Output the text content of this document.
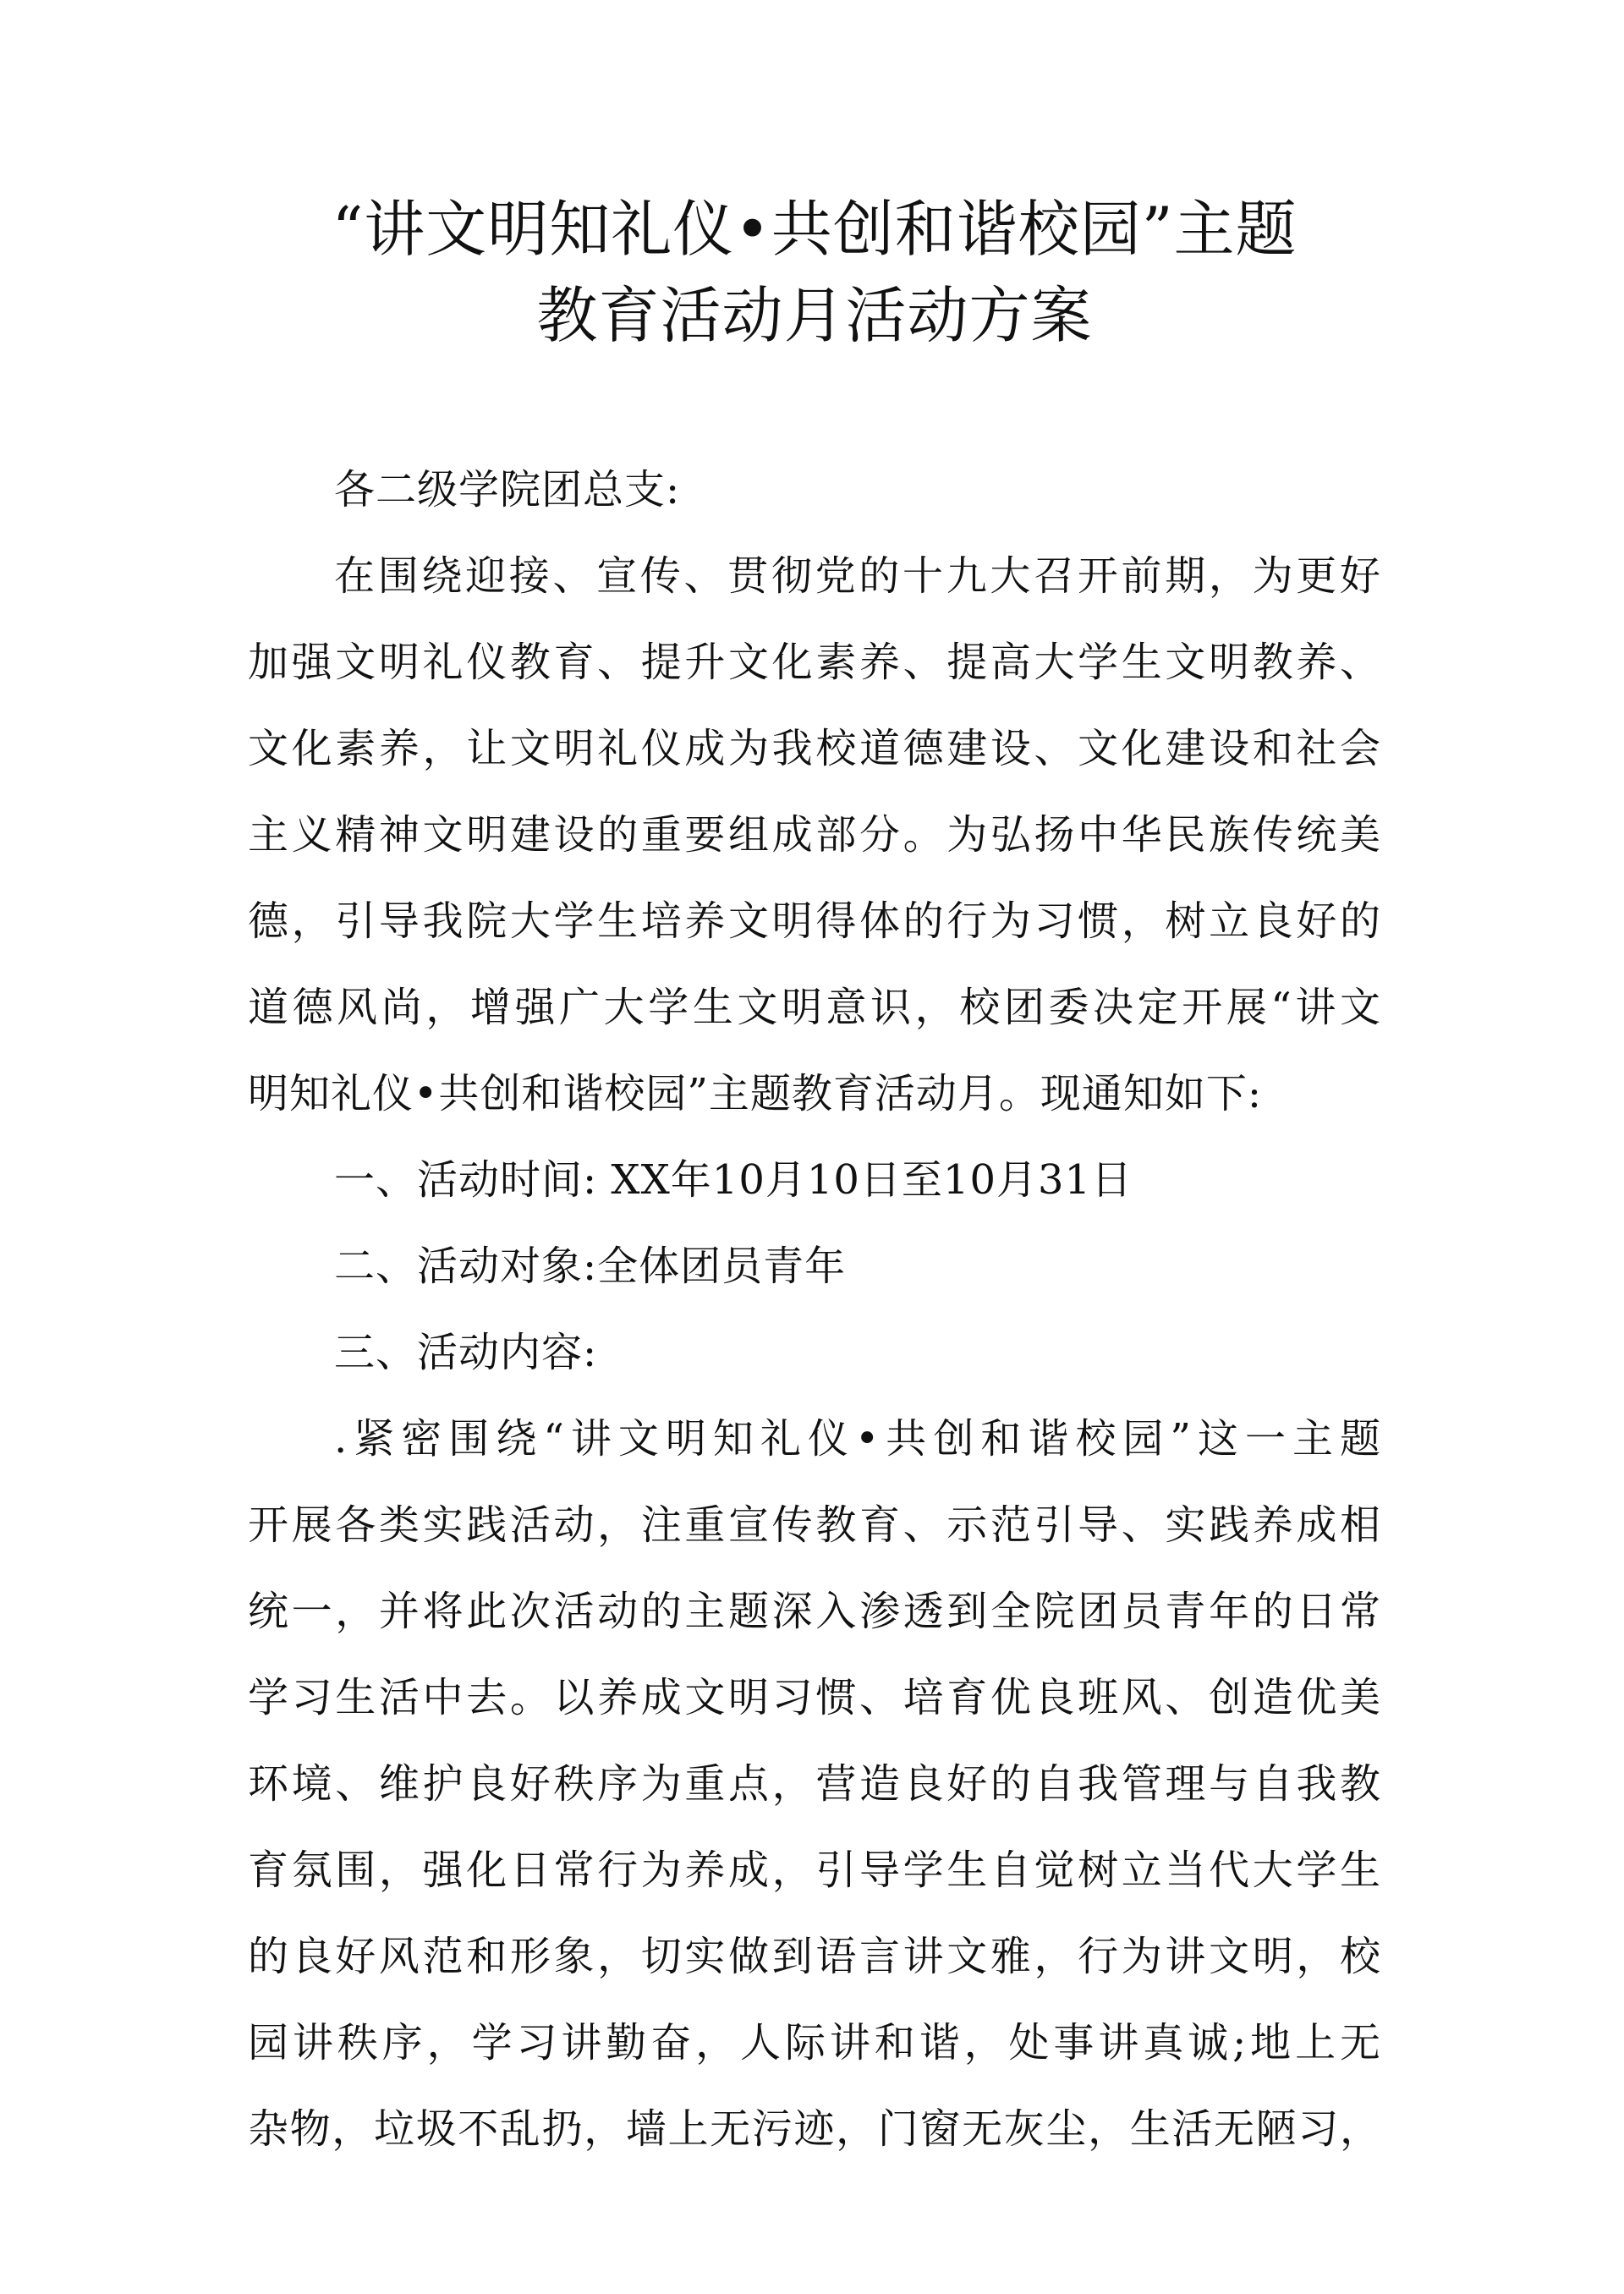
“讲文明知礼仪•共创和谐校园”主题
教育活动月活动方案
各二级学院团总支:
在围绕迎接、宣传、贯彻党的十九大召开前期，为更好
加强文明礼仪教育、提升文化素养、提高大学生文明教养、
文化素养，让文明礼仪成为我校道德建设、文化建设和社会
主义精神文明建设的重要组成部分。为弘扬中华民族传统美
德，引导我院大学生培养文明得体的行为习惯，树立良好的
道德风尚，增强广大学生文明意识，校团委决定开展“讲文
明知礼仪•共创和谐校园”主题教育活动月。现通知如下:
一、活动时间: XX年10月10日至10月31日
二、活动对象:全体团员青年
三、活动内容:
.紧密围绕“讲文明知礼仪•共创和谐校园”这一主题
开展各类实践活动，注重宣传教育、示范引导、实践养成相
统一，并将此次活动的主题深入渗透到全院团员青年的日常
学习生活中去。以养成文明习惯、培育优良班风、创造优美
环境、维护良好秩序为重点，营造良好的自我管理与自我教
育氛围，强化日常行为养成，引导学生自觉树立当代大学生
的良好风范和形象，切实做到语言讲文雅，行为讲文明，校
园讲秩序，学习讲勤奋，人际讲和谐，处事讲真诚;地上无
杂物，垃圾不乱扔，墙上无污迹，门窗无灰尘，生活无陋习，
